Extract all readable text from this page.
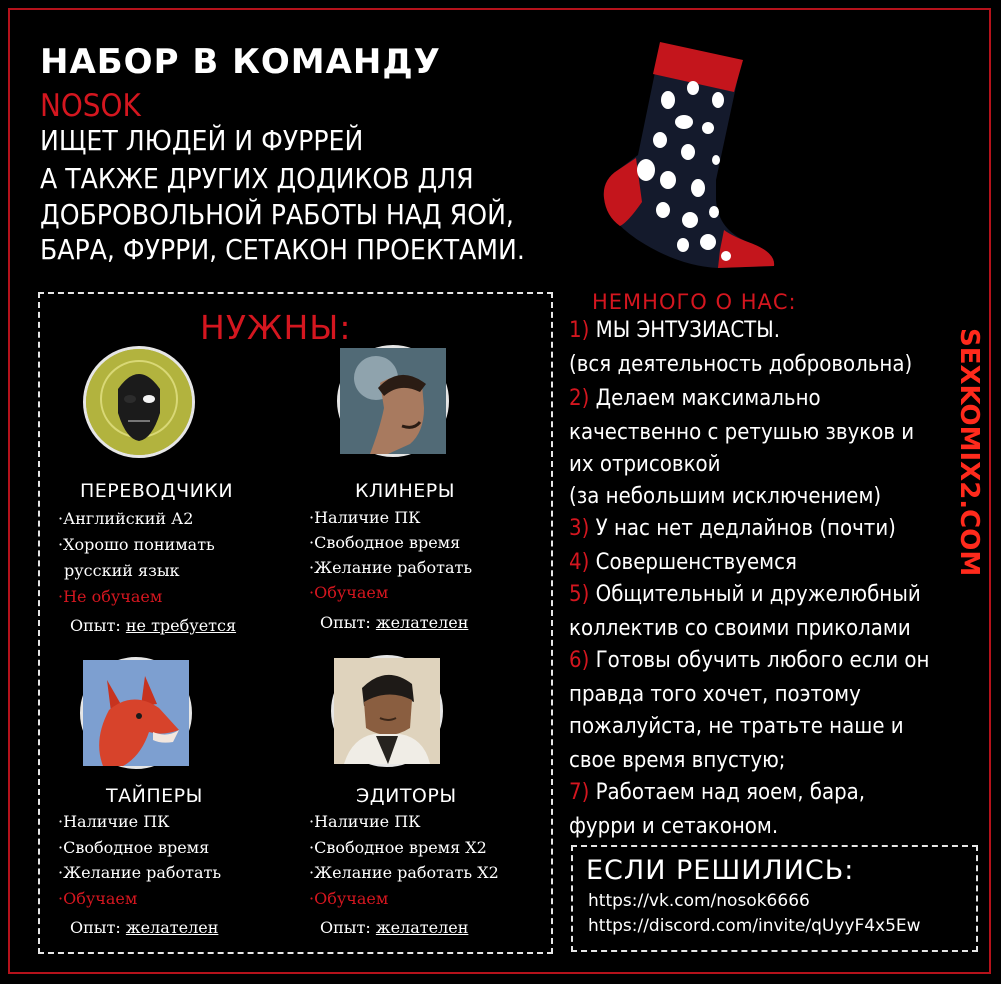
НАБОР В КОМАНДУ
NOSOK
ИЩЕТ ЛЮДЕЙ И ФУРРЕЙ
А ТАКЖЕ ДРУГИХ ДОДИКОВ ДЛЯ
ДОБРОВОЛЬНОЙ РАБОТЫ НАД ЯОЙ,
БАРА, ФУРРИ, СЕТАКОН ПРОЕКТАМИ.
НУЖНЫ:
ПЕРЕВОДЧИКИ
·Английский А2
·Хорошо понимать
русский язык
·Не обучаем
Опыт: не требуется
КЛИНЕРЫ
·Наличие ПК
·Свободное время
·Желание работать
·Обучаем
Опыт: желателен
ТАЙПЕРЫ
·Наличие ПК
·Свободное время
·Желание работать
·Обучаем
Опыт: желателен
ЭДИТОРЫ
·Наличие ПК
·Свободное время Х2
·Желание работать Х2
·Обучаем
Опыт: желателен
НЕМНОГО О НАС:
1) МЫ ЭНТУЗИАСТЫ.
(вся деятельность добровольна)
2) Делаем максимально
качественно с ретушью звуков и
их отрисовкой
(за небольшим исключением)
3) У нас нет дедлайнов (почти)
4) Совершенствуемся
5) Общительный и дружелюбный
коллектив со своими приколами
6) Готовы обучить любого если он
правда того хочет, поэтому
пожалуйста, не тратьте наше и
свое время впустую;
7) Работаем над яоем, бара,
фурри и сетаконом.
SEXKOMIX2.COM
ЕСЛИ РЕШИЛИСЬ:
https://vk.com/nosok6666
https://discord.com/invite/qUyyF4x5Ew
